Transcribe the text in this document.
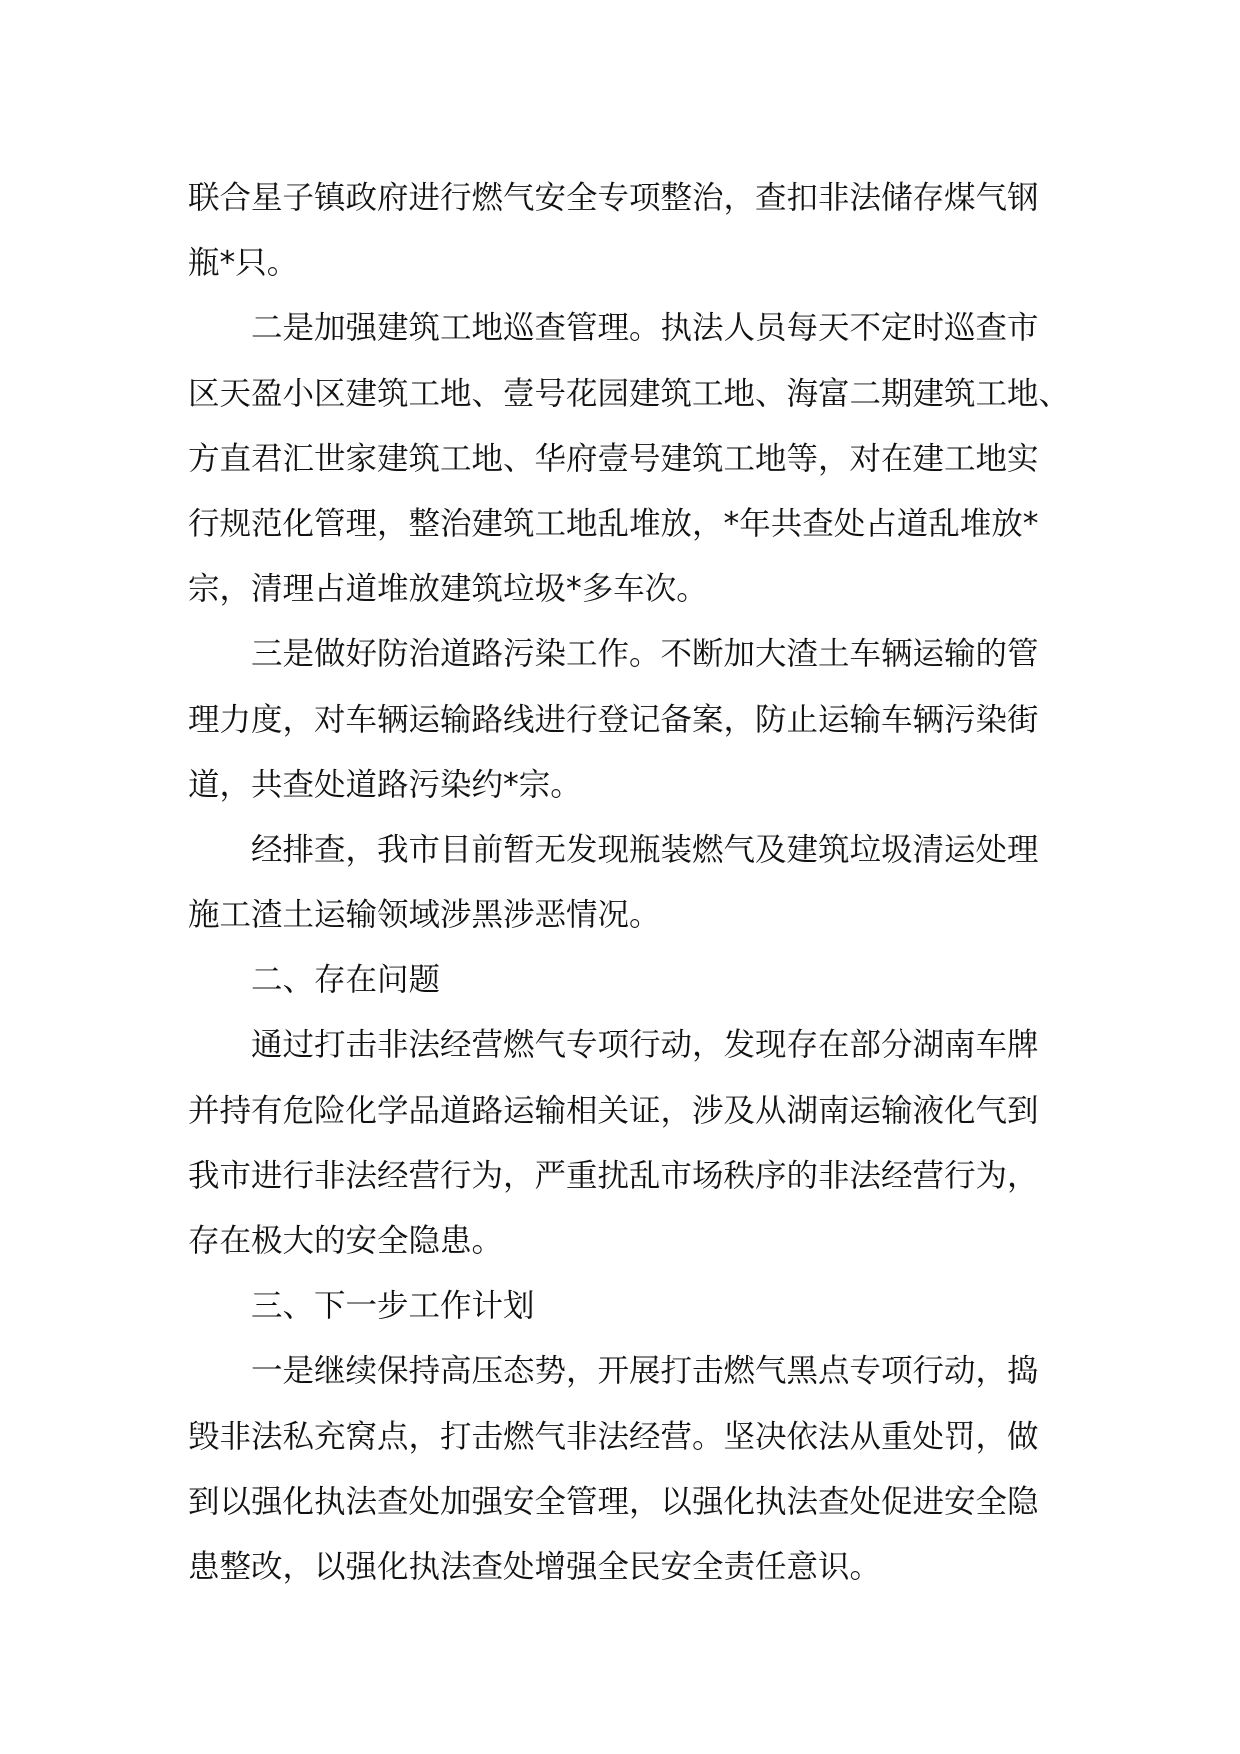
联合星子镇政府进行燃气安全专项整治，查扣非法储存煤气钢
瓶*只。
二是加强建筑工地巡查管理。执法人员每天不定时巡查市
区天盈小区建筑工地、壹号花园建筑工地、海富二期建筑工地、
方直君汇世家建筑工地、华府壹号建筑工地等，对在建工地实
行规范化管理，整治建筑工地乱堆放，*年共查处占道乱堆放*
宗，清理占道堆放建筑垃圾*多车次。
三是做好防治道路污染工作。不断加大渣土车辆运输的管
理力度，对车辆运输路线进行登记备案，防止运输车辆污染街
道，共查处道路污染约*宗。
经排查，我市目前暂无发现瓶装燃气及建筑垃圾清运处理
施工渣土运输领域涉黑涉恶情况。
二、存在问题
通过打击非法经营燃气专项行动，发现存在部分湖南车牌
并持有危险化学品道路运输相关证，涉及从湖南运输液化气到
我市进行非法经营行为，严重扰乱市场秩序的非法经营行为，
存在极大的安全隐患。
三、下一步工作计划
一是继续保持高压态势，开展打击燃气黑点专项行动，捣
毁非法私充窝点，打击燃气非法经营。坚决依法从重处罚，做
到以强化执法查处加强安全管理，以强化执法查处促进安全隐
患整改，以强化执法查处增强全民安全责任意识。
